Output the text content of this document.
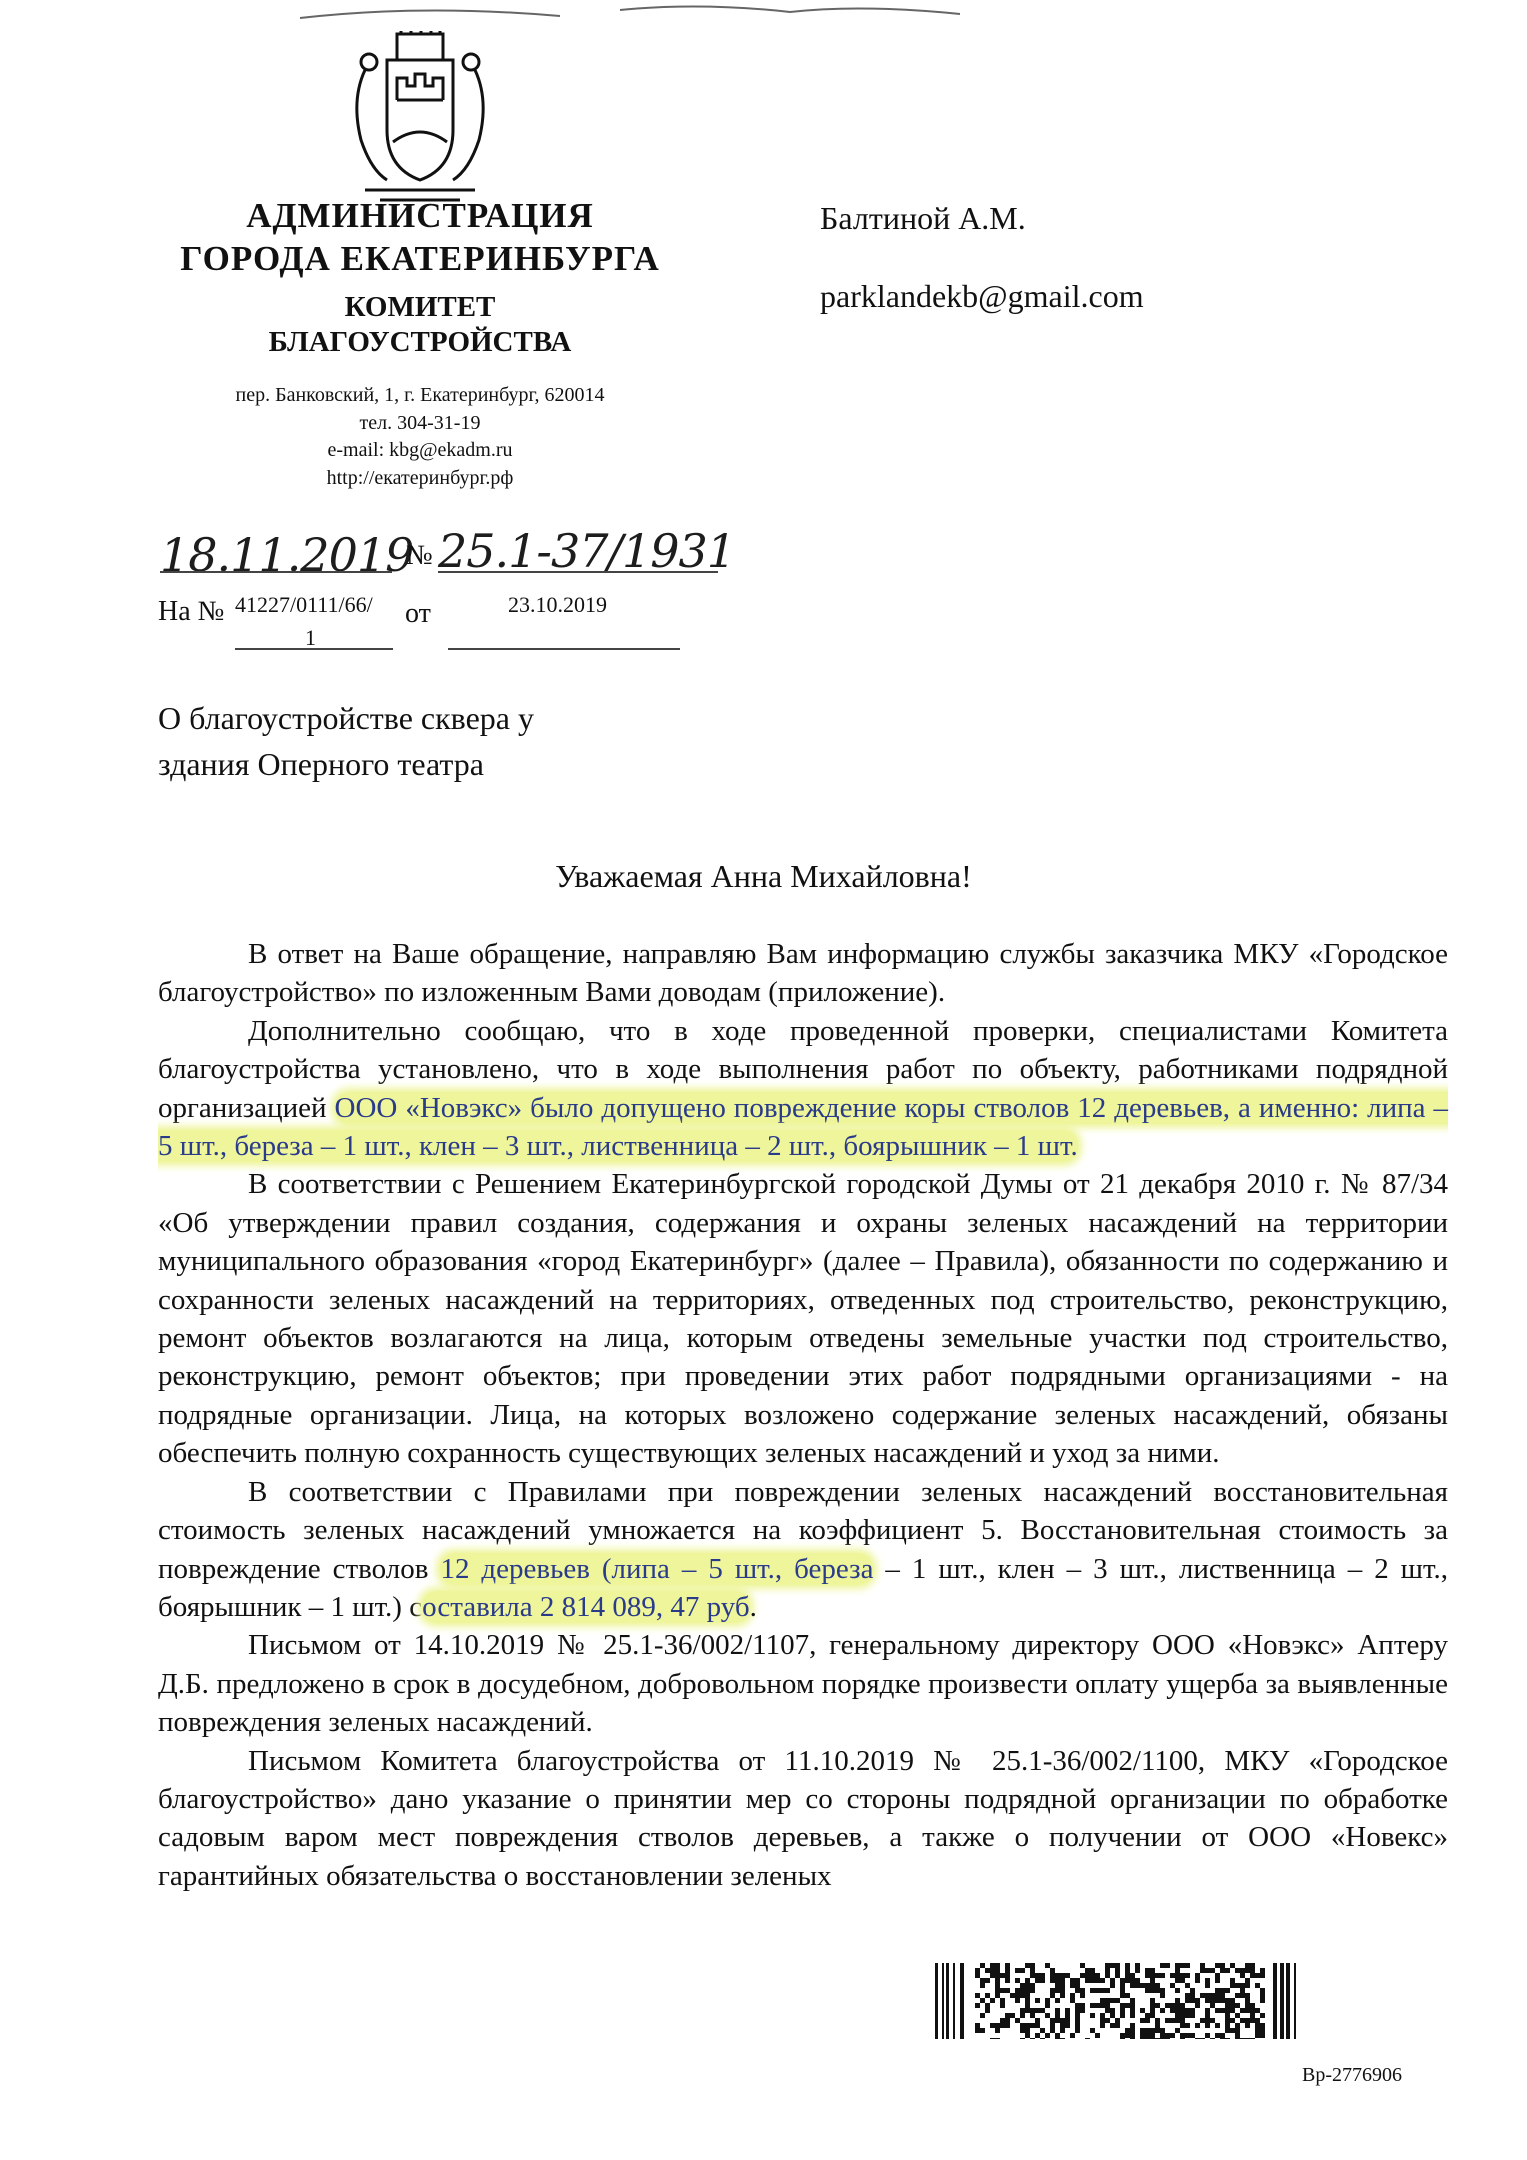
АДМИНИСТРАЦИЯ
ГОРОДА ЕКАТЕРИНБУРГА
КОМИТЕТ
БЛАГОУСТРОЙСТВА
пер. Банковский, 1, г. Екатеринбург, 620014
тел. 304-31-19
e-mail: kbg@ekadm.ru
http://екатеринбург.рф
Балтиной А.М.
parklandekb@gmail.com
18.11.2019
№ 25.1-37/1931
На № 41227/0111/66/
1
от	23.10.2019
О благоустройстве сквера у
здания Оперного театра
Уважаемая Анна Михайловна!

В ответ на Ваше обращение, направляю Вам информацию службы заказчика МКУ «Городское благоустройство» по изложенным Вами доводам (приложение).

Дополнительно сообщаю, что в ходе проведенной проверки, специалистами Комитета благоустройства установлено, что в ходе выполнения работ по объекту, работниками подрядной организацией ООО «Новэкс» было допущено повреждение коры стволов 12 деревьев, а именно: липа – 5 шт., береза – 1 шт., клен – 3 шт., лиственница – 2 шт., боярышник – 1 шт.

В соответствии с Решением Екатеринбургской городской Думы от 21 декабря 2010 г. № 87/34 «Об утверждении правил создания, содержания и охраны зеленых насаждений на территории муниципального образования «город Екатеринбург» (далее – Правила), обязанности по содержанию и сохранности зеленых насаждений на территориях, отведенных под строительство, реконструкцию, ремонт объектов возлагаются на лица, которым отведены земельные участки под строительство, реконструкцию, ремонт объектов; при проведении этих работ подрядными организациями - на подрядные организации. Лица, на которых возложено содержание зеленых насаждений, обязаны обеспечить полную сохранность существующих зеленых насаждений и уход за ними.

В соответствии с Правилами при повреждении зеленых насаждений восстановительная стоимость зеленых насаждений умножается на коэффициент 5. Восстановительная стоимость за повреждение стволов 12 деревьев (липа – 5 шт., береза – 1 шт., клен – 3 шт., лиственница – 2 шт., боярышник – 1 шт.) составила 2 814 089, 47 руб.

Письмом от 14.10.2019 № 25.1-36/002/1107, генеральному директору ООО «Новэкс» Аптеру Д.Б. предложено в срок в досудебном, добровольном порядке произвести оплату ущерба за выявленные повреждения зеленых насаждений.

Письмом Комитета благоустройства от 11.10.2019 № 25.1-36/002/1100, МКУ «Городское благоустройство» дано указание о принятии мер со стороны подрядной организации по обработке садовым варом мест повреждения стволов деревьев, а также о получении от ООО «Новекс» гарантийных обязательства о восстановлении зеленых

Вр-2776906
